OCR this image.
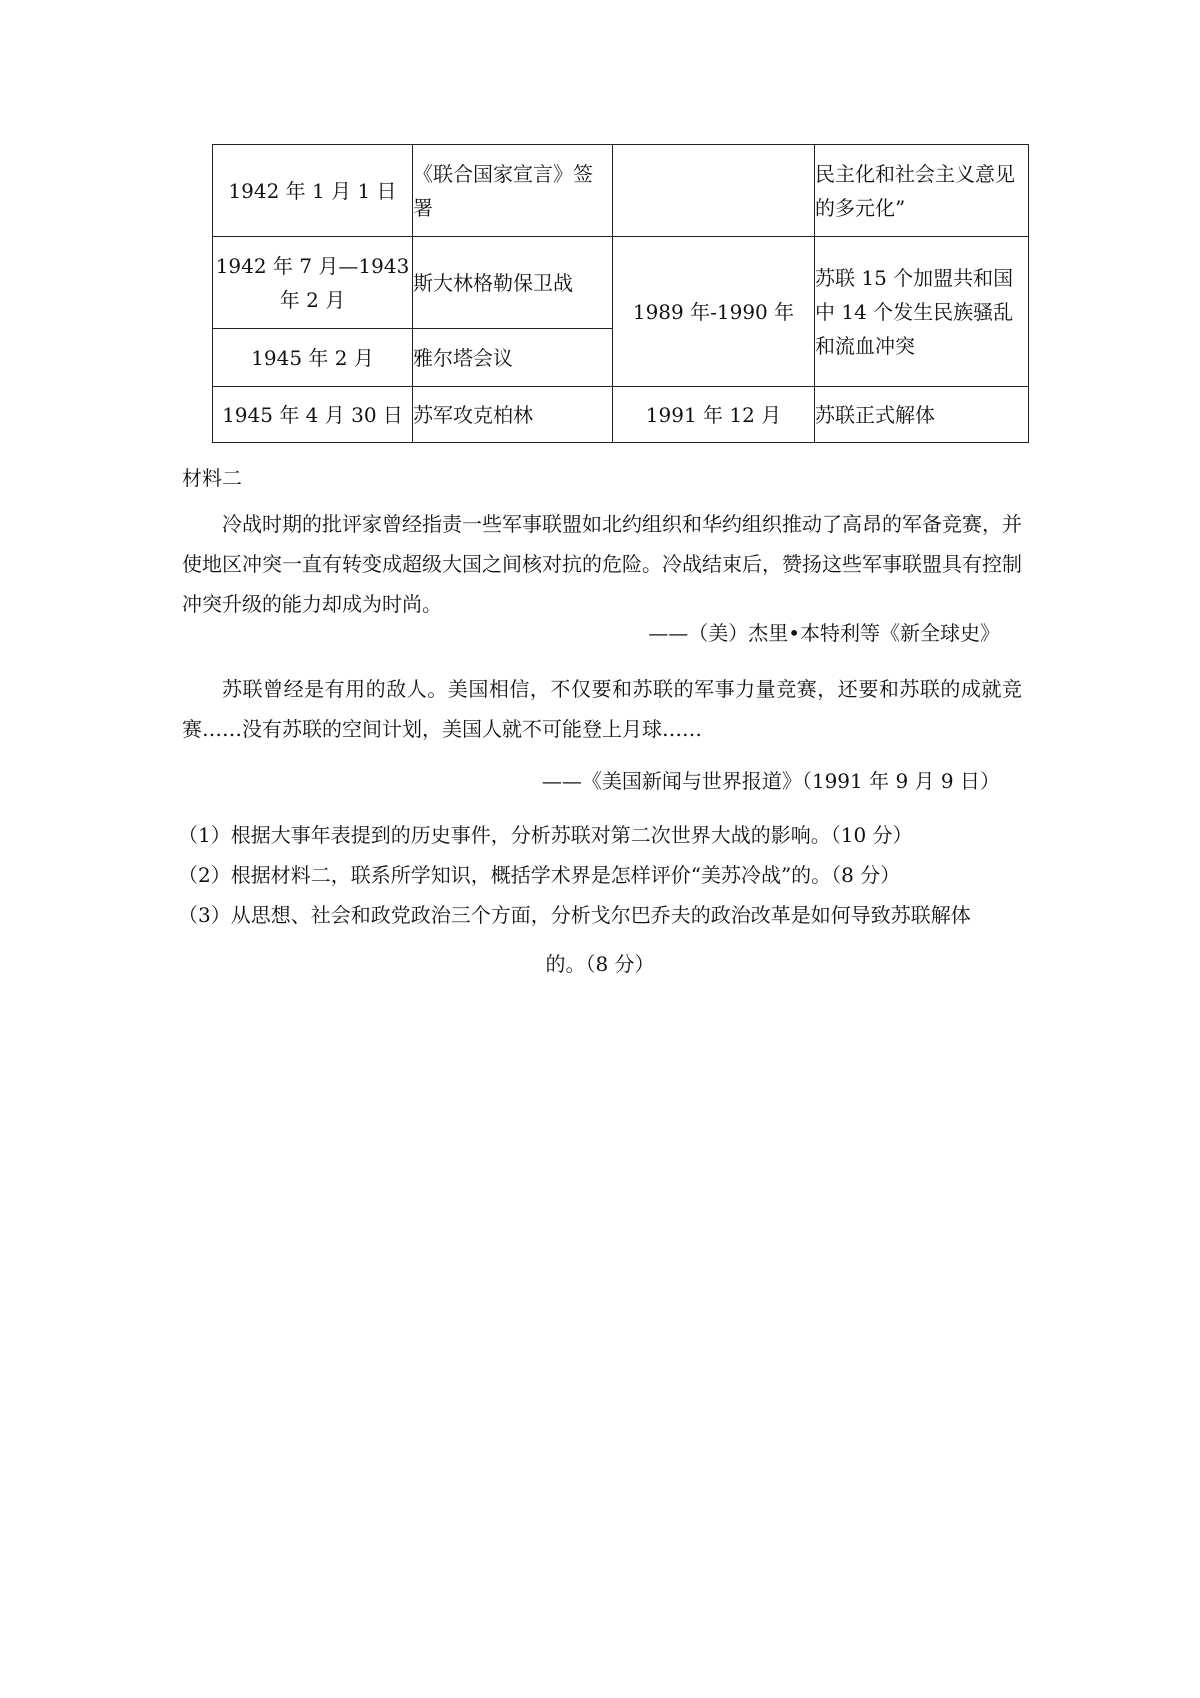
1942 年 1 月 1 日	《联合国家宣言》签署		民主化和社会主义意见的多元化”
1942 年 7 月—1943 年 2 月	斯大林格勒保卫战	1989 年-1990 年	苏联 15 个加盟共和国中 14 个发生民族骚乱和流血冲突
1945 年 2 月	雅尔塔会议		
1945 年 4 月 30 日	苏军攻克柏林	1991 年 12 月	苏联正式解体
材料二

冷战时期的批评家曾经指责一些军事联盟如北约组织和华约组织推动了高昂的军备竞赛，并使地区冲突一直有转变成超级大国之间核对抗的危险。冷战结束后，赞扬这些军事联盟具有控制冲突升级的能力却成为时尚。

——（美）杰里•本特利等《新全球史》

苏联曾经是有用的敌人。美国相信，不仅要和苏联的军事力量竞赛，还要和苏联的成就竞赛……没有苏联的空间计划，美国人就不可能登上月球……

——《美国新闻与世界报道》（1991 年 9 月 9 日）
（1）根据大事年表提到的历史事件，分析苏联对第二次世界大战的影响。（10 分）
（2）根据材料二，联系所学知识，概括学术界是怎样评价“美苏冷战”的。（8 分）
（3）从思想、社会和政党政治三个方面，分析戈尔巴乔夫的政治改革是如何导致苏联解体
的。（8 分）
